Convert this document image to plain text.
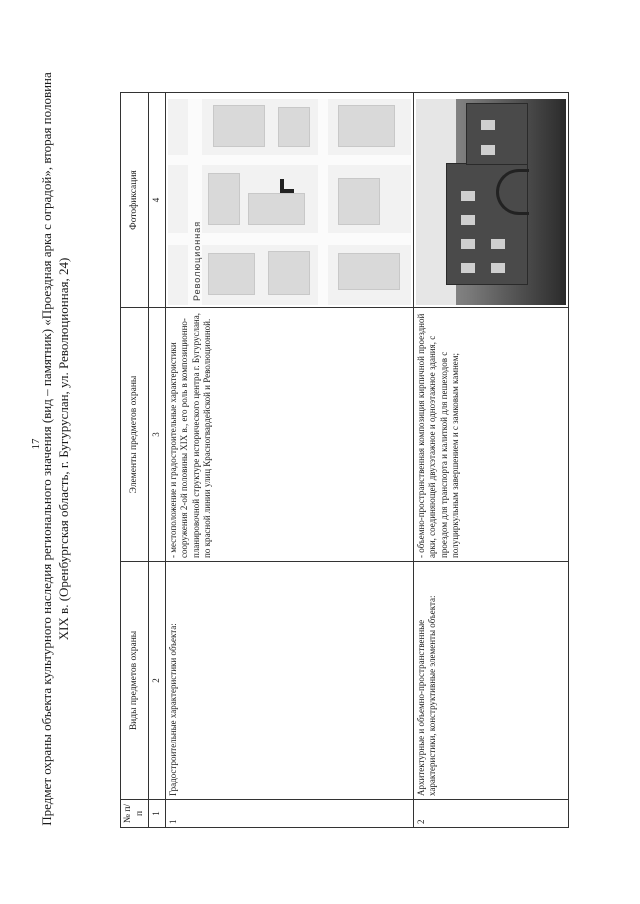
17
Предмет охраны объекта культурного наследия регионального значения (вид – памятник) «Проездная арка с оградой», вторая половина XIX в. (Оренбургская область, г. Бугуруслан, ул. Революционная, 24)
№ п/п	Виды предметов охраны	Элементы предметов охраны	Фотофиксация
1	2	3	4
1	Градостроительные характеристики объекта:	- местоположение и градостроительные характеристики сооружения 2-ой половины XIX в., его роль в композиционно-планировочной структуре исторического центра г. Бугуруслана, по красной линии улиц Красногвардейской и Революционной.	Революционная

2	Архитектурные и объемно-пространственные характеристики, конструктивные элементы объекта:	- объемно-пространственная композиция кирпичной проездной арки, соединяющей двухэтажное и одноэтажное здания, с проездом для транспорта и калиткой для пешеходов с полуциркульным завершением и с замковым камнем;	
